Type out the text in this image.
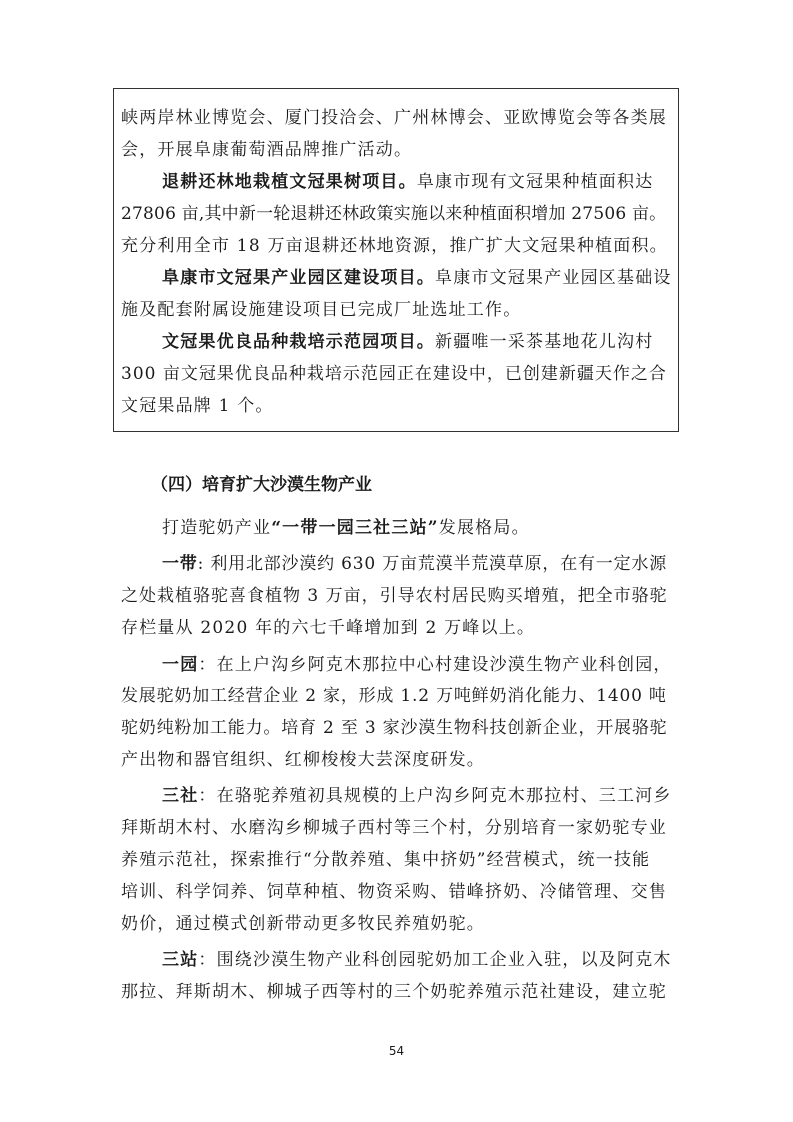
峡两岸林业博览会、厦门投洽会、广州林博会、亚欧博览会等各类展
会，开展阜康葡萄酒品牌推广活动。
退耕还林地栽植文冠果树项目。阜康市现有文冠果种植面积达
27806 亩,其中新一轮退耕还林政策实施以来种植面积增加 27506 亩。
充分利用全市 18 万亩退耕还林地资源，推广扩大文冠果种植面积。
阜康市文冠果产业园区建设项目。阜康市文冠果产业园区基础设
施及配套附属设施建设项目已完成厂址选址工作。
文冠果优良品种栽培示范园项目。新疆唯一采茶基地花儿沟村
300 亩文冠果优良品种栽培示范园正在建设中，已创建新疆天作之合
文冠果品牌 1 个。
（四）培育扩大沙漠生物产业
打造驼奶产业“一带一园三社三站”发展格局。
一带: 利用北部沙漠约 630 万亩荒漠半荒漠草原，在有一定水源
之处栽植骆驼喜食植物 3 万亩，引导农村居民购买增殖，把全市骆驼
存栏量从 2020 年的六七千峰增加到 2 万峰以上。
一园：在上户沟乡阿克木那拉中心村建设沙漠生物产业科创园，
发展驼奶加工经营企业 2 家，形成 1.2 万吨鲜奶消化能力、1400 吨
驼奶纯粉加工能力。培育 2 至 3 家沙漠生物科技创新企业，开展骆驼
产出物和器官组织、红柳梭梭大芸深度研发。
三社：在骆驼养殖初具规模的上户沟乡阿克木那拉村、三工河乡
拜斯胡木村、水磨沟乡柳城子西村等三个村，分别培育一家奶驼专业
养殖示范社，探索推行“分散养殖、集中挤奶”经营模式，统一技能
培训、科学饲养、饲草种植、物资采购、错峰挤奶、冷储管理、交售
奶价，通过模式创新带动更多牧民养殖奶驼。
三站：围绕沙漠生物产业科创园驼奶加工企业入驻，以及阿克木
那拉、拜斯胡木、柳城子西等村的三个奶驼养殖示范社建设，建立驼
54
